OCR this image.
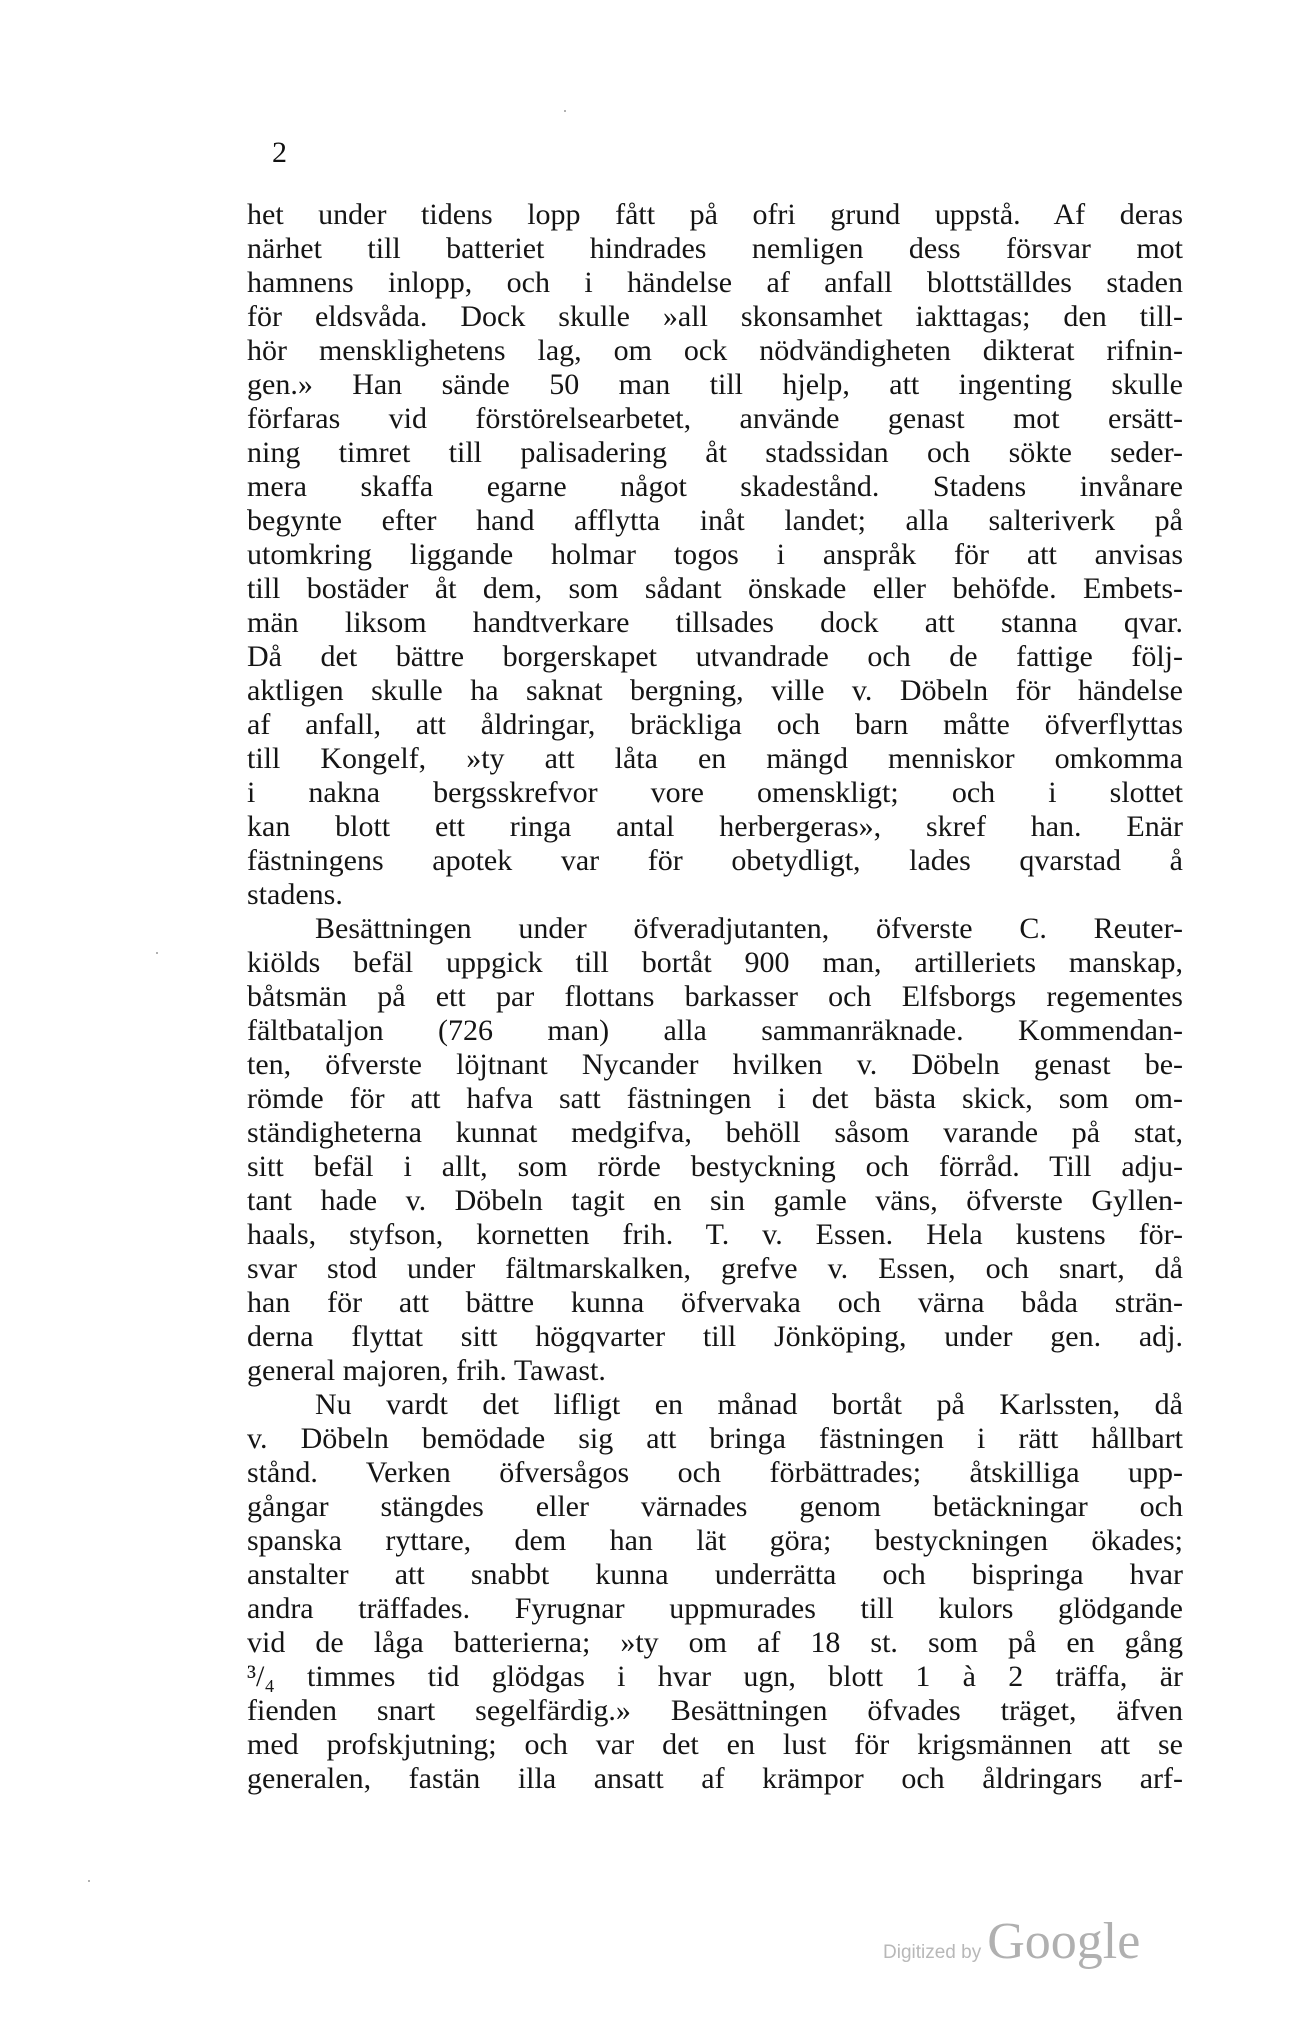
2
het under tidens lopp fått på ofri grund uppstå. Af deras
närhet till batteriet hindrades nemligen dess försvar mot
hamnens inlopp, och i händelse af anfall blottställdes staden
för eldsvåda. Dock skulle »all skonsamhet iakttagas; den till-
hör mensklighetens lag, om ock nödvändigheten dikterat rifnin-
gen.» Han sände 50 man till hjelp, att ingenting skulle
förfaras vid förstörelsearbetet, använde genast mot ersätt-
ning timret till palisadering åt stadssidan och sökte seder-
mera skaffa egarne något skadestånd. Stadens invånare
begynte efter hand afflytta inåt landet; alla salteriverk på
utomkring liggande holmar togos i anspråk för att anvisas
till bostäder åt dem, som sådant önskade eller behöfde. Embets-
män liksom handtverkare tillsades dock att stanna qvar.
Då det bättre borgerskapet utvandrade och de fattige följ-
aktligen skulle ha saknat bergning, ville v. Döbeln för händelse
af anfall, att åldringar, bräckliga och barn måtte öfverflyttas
till Kongelf, »ty att låta en mängd menniskor omkomma
i nakna bergsskrefvor vore omenskligt; och i slottet
kan blott ett ringa antal herbergeras», skref han. Enär
fästningens apotek var för obetydligt, lades qvarstad å
stadens.
Besättningen under öfveradjutanten, öfverste C. Reuter-
kiölds befäl uppgick till bortåt 900 man, artilleriets manskap,
båtsmän på ett par flottans barkasser och Elfsborgs regementes
fältbataljon (726 man) alla sammanräknade. Kommendan-
ten, öfverste löjtnant Nycander hvilken v. Döbeln genast be-
römde för att hafva satt fästningen i det bästa skick, som om-
ständigheterna kunnat medgifva, behöll såsom varande på stat,
sitt befäl i allt, som rörde bestyckning och förråd. Till adju-
tant hade v. Döbeln tagit en sin gamle väns, öfverste Gyllen-
haals, styfson, kornetten frih. T. v. Essen. Hela kustens för-
svar stod under fältmarskalken, grefve v. Essen, och snart, då
han för att bättre kunna öfvervaka och värna båda strän-
derna flyttat sitt högqvarter till Jönköping, under gen. adj.
general majoren, frih. Tawast.
Nu vardt det lifligt en månad bortåt på Karlssten, då
v. Döbeln bemödade sig att bringa fästningen i rätt hållbart
stånd. Verken öfversågos och förbättrades; åtskilliga upp-
gångar stängdes eller värnades genom betäckningar och
spanska ryttare, dem han lät göra; bestyckningen ökades;
anstalter att snabbt kunna underrätta och bispringa hvar
andra träffades. Fyrugnar uppmurades till kulors glödgande
vid de låga batterierna; »ty om af 18 st. som på en gång
³/₄ timmes tid glödgas i hvar ugn, blott 1 à 2 träffa, är
fienden snart segelfärdig.» Besättningen öfvades träget, äfven
med profskjutning; och var det en lust för krigsmännen att se
generalen, fastän illa ansatt af krämpor och åldringars arf-
Digitized by Google
